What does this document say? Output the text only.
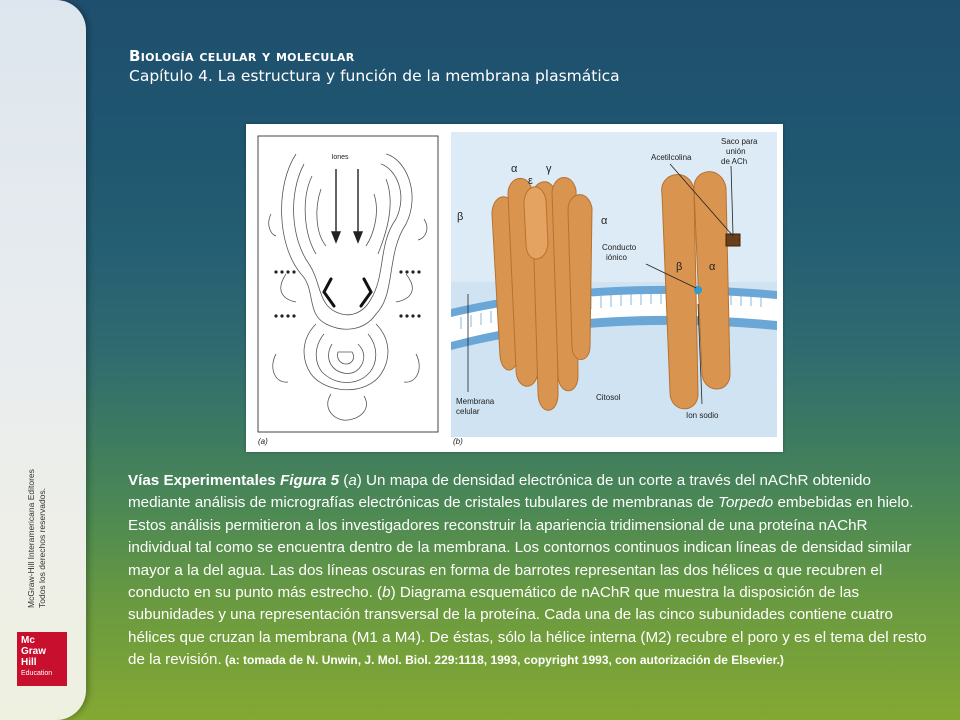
McGraw-Hill Interamericana Editores Todos los derechos reservados.
Mc
Graw
Hill
Education
Biología celular y molecular
Capítulo 4. La estructura y función de la membrana plasmática
Iones
(a)
α
ε
γ
β	α
β α
Acetilcolina
Saco para
unión
de ACh
Conducto
iónico
Membrana
celular
Citosol
Ion sodio
(b)
Vías Experimentales Figura 5 (a) Un mapa de densidad electrónica de un corte a través del nAChR obtenido mediante análisis de micrografías electrónicas de cristales tubulares de membranas de Torpedo embebidas en hielo. Estos análisis permitieron a los investigadores reconstruir la apariencia tridimensional de una proteína nAChR individual tal como se encuentra dentro de la membrana. Los contornos continuos indican líneas de densidad similar mayor a la del agua. Las dos líneas oscuras en forma de barrotes representan las dos hélices α que recubren el conducto en su punto más estrecho. (b) Diagrama esquemático de nAChR que muestra la disposición de las subunidades y una representación transversal de la proteína. Cada una de las cinco subunidades contiene cuatro hélices que cruzan la membrana (M1 a M4). De éstas, sólo la hélice interna (M2) recubre el poro y es el tema del resto de la revisión. (a: tomada de N. Unwin, J. Mol. Biol. 229:1118, 1993, copyright 1993, con autorización de Elsevier.)
